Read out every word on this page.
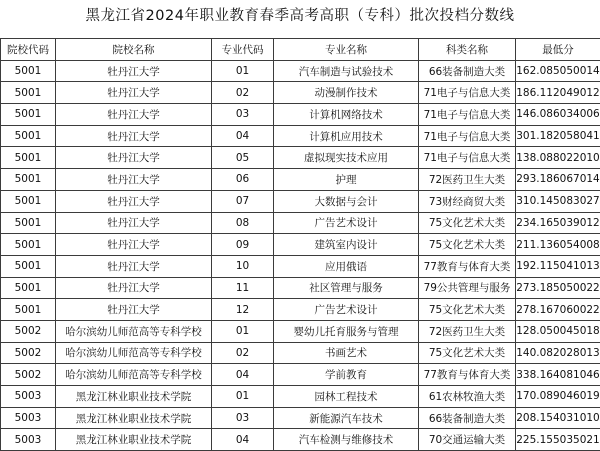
黑龙江省2024年职业教育春季高考高职（专科）批次投档分数线
院校代码	院校名称	专业代码	专业名称	科类名称	最低分
5001	牡丹江大学	01	汽车制造与试验技术	66装备制造大类	162.085050014
5001	牡丹江大学	02	动漫制作技术	71电子与信息大类	186.112049012
5001	牡丹江大学	03	计算机网络技术	71电子与信息大类	146.086034006
5001	牡丹江大学	04	计算机应用技术	71电子与信息大类	301.182058041
5001	牡丹江大学	05	虚拟现实技术应用	71电子与信息大类	138.088022010
5001	牡丹江大学	06	护理	72医药卫生大类	293.186067014
5001	牡丹江大学	07	大数据与会计	73财经商贸大类	310.145083027
5001	牡丹江大学	08	广告艺术设计	75文化艺术大类	234.165039012
5001	牡丹江大学	09	建筑室内设计	75文化艺术大类	211.136054008
5001	牡丹江大学	10	应用俄语	77教育与体育大类	192.115041013
5001	牡丹江大学	11	社区管理与服务	79公共管理与服务	273.185050022
5001	牡丹江大学	12	广告艺术设计	75文化艺术大类	278.167060022
5002	哈尔滨幼儿师范高等专科学校	01	婴幼儿托育服务与管理	72医药卫生大类	128.050045018
5002	哈尔滨幼儿师范高等专科学校	02	书画艺术	75文化艺术大类	140.082028013
5002	哈尔滨幼儿师范高等专科学校	04	学前教育	77教育与体育大类	338.164081046
5003	黑龙江林业职业技术学院	01	园林工程技术	61农林牧渔大类	170.089046019
5003	黑龙江林业职业技术学院	03	新能源汽车技术	66装备制造大类	208.154031010
5003	黑龙江林业职业技术学院	04	汽车检测与维修技术	70交通运输大类	225.155035021
